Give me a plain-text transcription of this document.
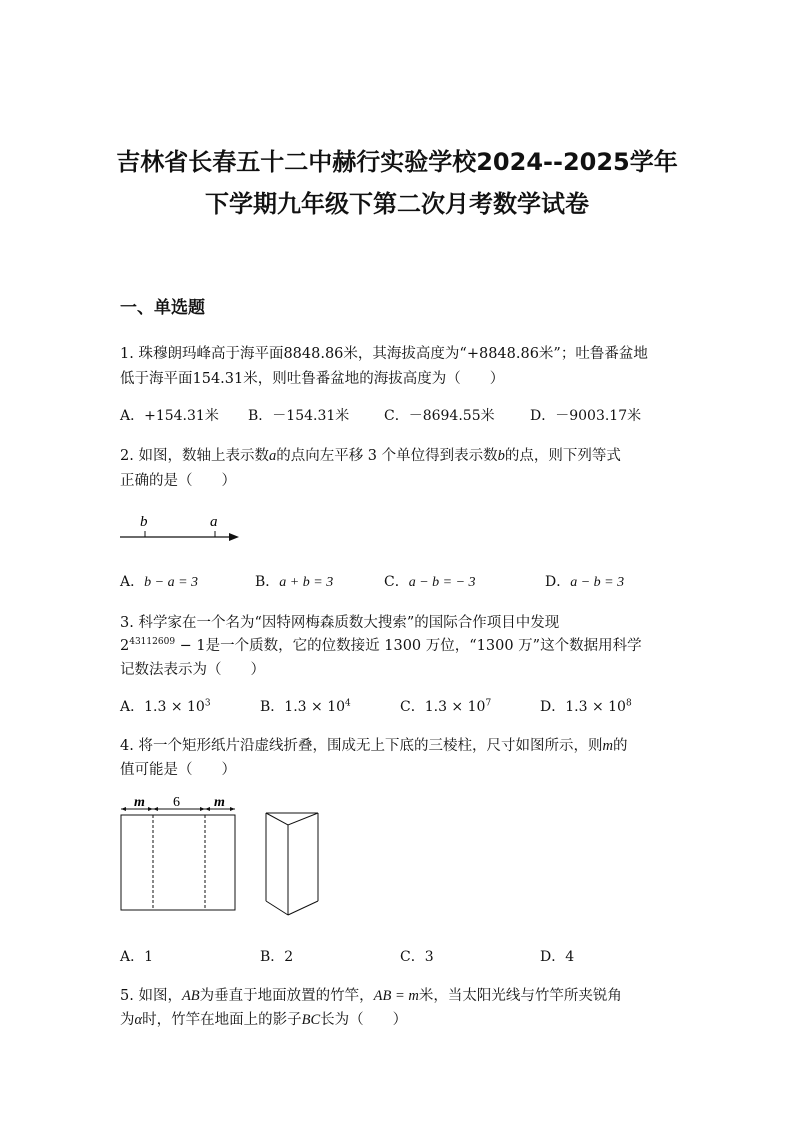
吉林省长春五十二中赫行实验学校2024--2025学年
下学期九年级下第二次月考数学试卷
一、单选题
1. 珠穆朗玛峰高于海平面8848.86米，其海拔高度为“+8848.86米”；吐鲁番盆地
低于海平面154.31米，则吐鲁番盆地的海拔高度为（　　）
A．+154.31米 B．－154.31米 C．－8694.55米	D．－9003.17米
2. 如图，数轴上表示数a的点向左平移 3 个单位得到表示数b的点，则下列等式
正确的是（　　）
b	a
A．b − a = 3	B．a + b = 3	C．a − b = − 3	D．a − b = 3
3. 科学家在一个名为“因特网梅森质数大搜索”的国际合作项目中发现
$2^{43112609} - 1$是一个质数，它的位数接近 1300 万位，“1300 万”这个数据用科学
记数法表示为（　　）
A．$1.3 \times 10^3$	B．$1.3 \times 10^4$	C．$1.3 \times 10^7$	D．$1.3 \times 10^8$
4. 将一个矩形纸片沿虚线折叠，围成无上下底的三棱柱，尺寸如图所示，则m的
值可能是（　　）
m 6 m
A．1	B．2	C．3	D．4
5. 如图，AB为垂直于地面放置的竹竿，AB = m米，当太阳光线与竹竿所夹锐角
为α时，竹竿在地面上的影子BC长为（　　）
